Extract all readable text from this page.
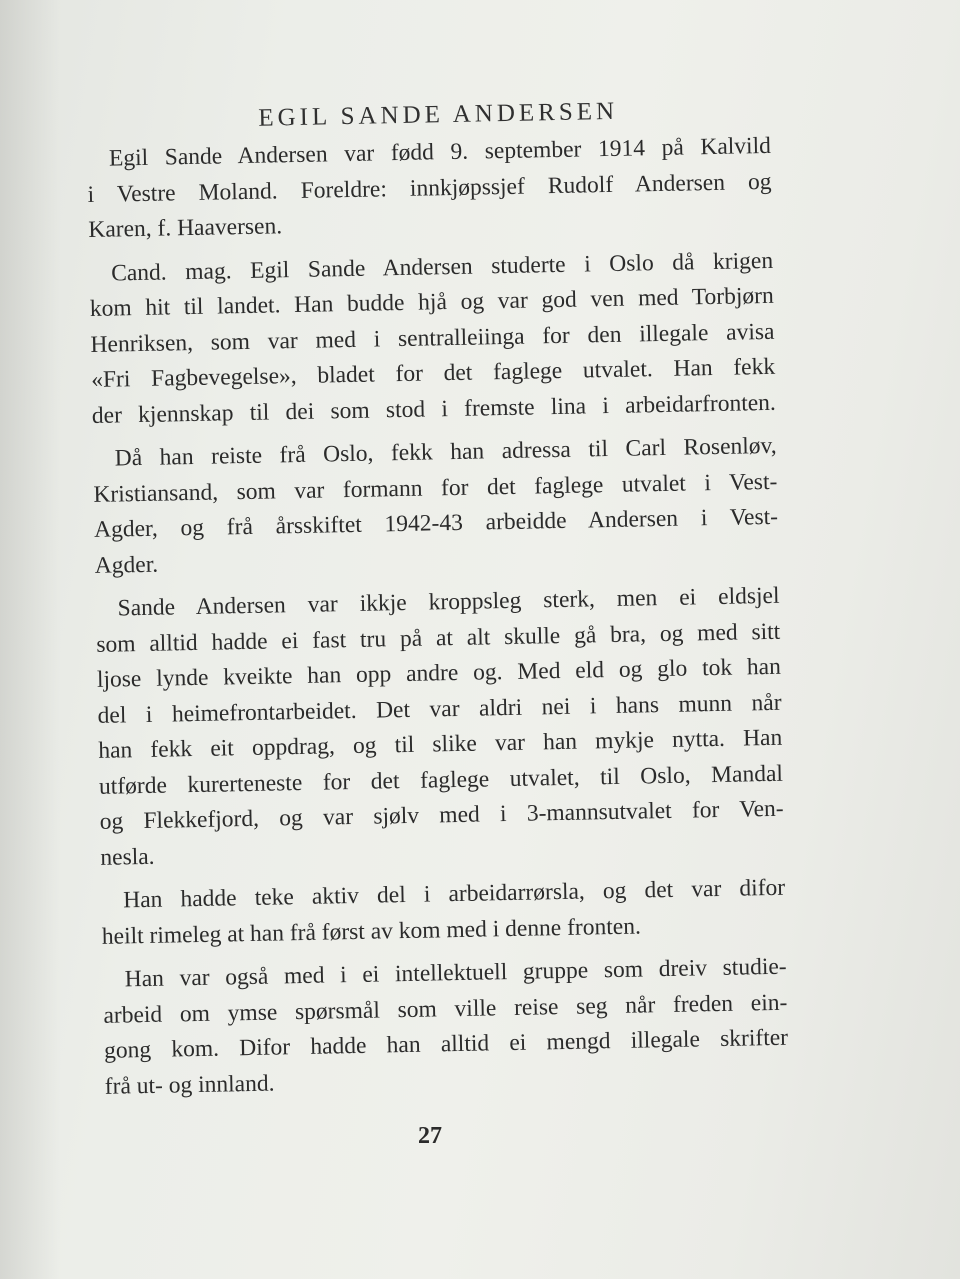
EGIL SANDE ANDERSEN
Egil Sande Andersen var fødd 9. september 1914 på Kalvild
i Vestre Moland. Foreldre: innkjøpssjef Rudolf Andersen og
Karen, f. Haaversen.
Cand. mag. Egil Sande Andersen studerte i Oslo då krigen
kom hit til landet. Han budde hjå og var god ven med Torbjørn
Henriksen, som var med i sentralleiinga for den illegale avisa
«Fri Fagbevegelse», bladet for det faglege utvalet. Han fekk
der kjennskap til dei som stod i fremste lina i arbeidarfronten.
Då han reiste frå Oslo, fekk han adressa til Carl Rosenløv,
Kristiansand, som var formann for det faglege utvalet i Vest-
Agder, og frå årsskiftet 1942-43 arbeidde Andersen i Vest-
Agder.
Sande Andersen var ikkje kroppsleg sterk, men ei eldsjel
som alltid hadde ei fast tru på at alt skulle gå bra, og med sitt
ljose lynde kveikte han opp andre og. Med eld og glo tok han
del i heimefrontarbeidet. Det var aldri nei i hans munn når
han fekk eit oppdrag, og til slike var han mykje nytta. Han
utførde kurerteneste for det faglege utvalet, til Oslo, Mandal
og Flekkefjord, og var sjølv med i 3-mannsutvalet for Ven-
nesla.
Han hadde teke aktiv del i arbeidarrørsla, og det var difor
heilt rimeleg at han frå først av kom med i denne fronten.
Han var også med i ei intellektuell gruppe som dreiv studie-
arbeid om ymse spørsmål som ville reise seg når freden ein-
gong kom. Difor hadde han alltid ei mengd illegale skrifter
frå ut- og innland.
27
